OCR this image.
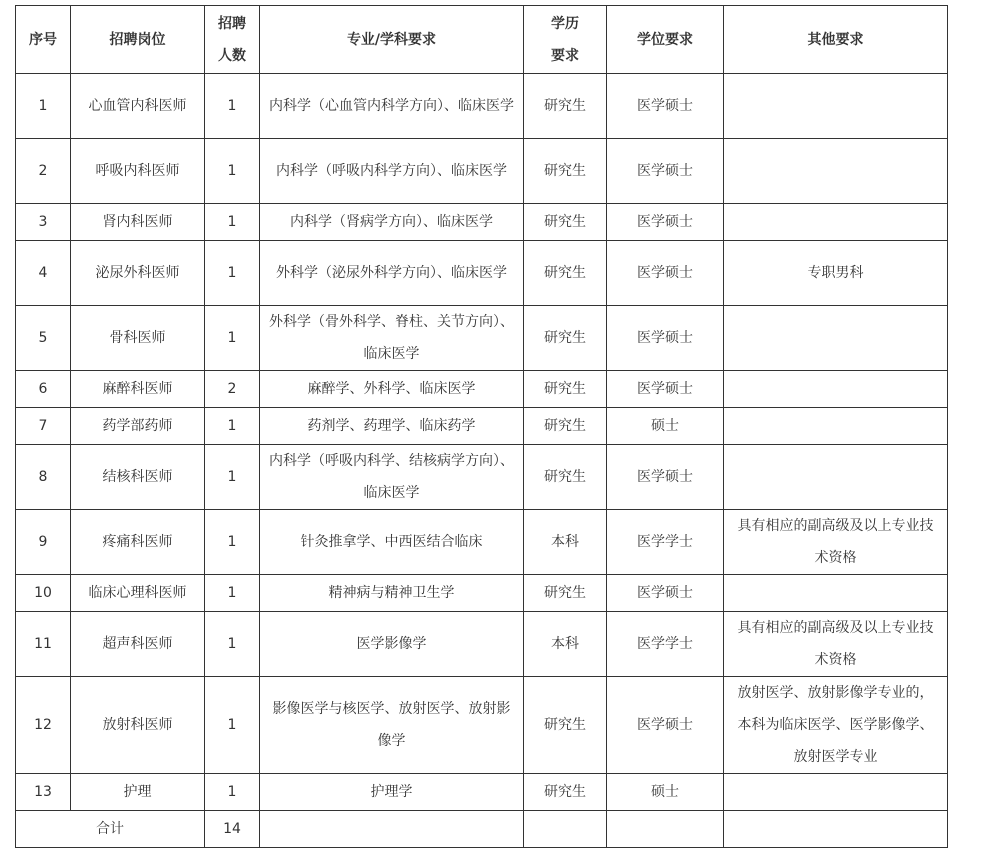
序号	招聘岗位	招聘人数	专业/学科要求	学历要求	学位要求	其他要求
1	心血管内科医师	1	内科学（心血管内科学方向）、临床医学	研究生	医学硕士	
2	呼吸内科医师	1	内科学（呼吸内科学方向）、临床医学	研究生	医学硕士	
3	肾内科医师	1	内科学（肾病学方向）、临床医学	研究生	医学硕士	
4	泌尿外科医师	1	外科学（泌尿外科学方向）、临床医学	研究生	医学硕士	专职男科
5	骨科医师	1	外科学（骨外科学、脊柱、关节方向）、临床医学	研究生	医学硕士	
6	麻醉科医师	2	麻醉学、外科学、临床医学	研究生	医学硕士	
7	药学部药师	1	药剂学、药理学、临床药学	研究生	硕士	
8	结核科医师	1	内科学（呼吸内科学、结核病学方向）、临床医学	研究生	医学硕士	
9	疼痛科医师	1	针灸推拿学、中西医结合临床	本科	医学学士	具有相应的副高级及以上专业技术资格
10	临床心理科医师	1	精神病与精神卫生学	研究生	医学硕士	
11	超声科医师	1	医学影像学	本科	医学学士	具有相应的副高级及以上专业技术资格
12	放射科医师	1	影像医学与核医学、放射医学、放射影像学	研究生	医学硕士	放射医学、放射影像学专业的，本科为临床医学、医学影像学、放射医学专业
13	护理	1	护理学	研究生	硕士	
合计		14				
